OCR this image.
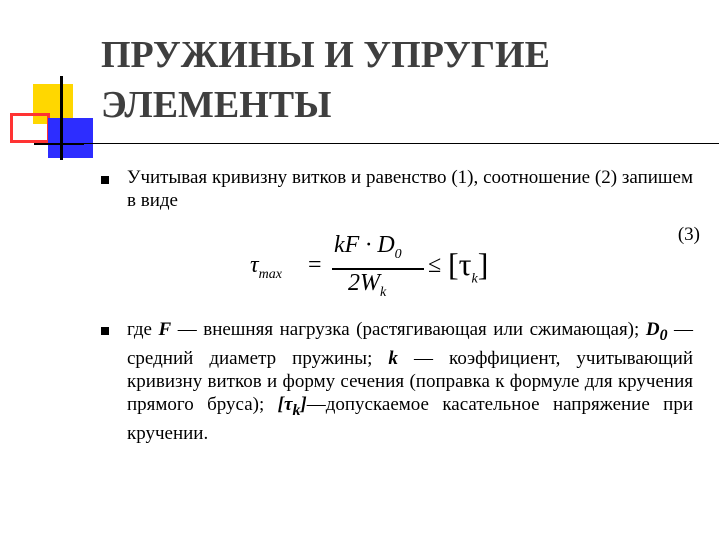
ПРУЖИНЫ И УПРУГИЕ ЭЛЕМЕНТЫ

Учитывая кривизну витков и равенство (1), соотношение (2) запишем в виде

(3)
$\tau_{max}$ =
kF · $D_0$
$2W_k$
≤ $[\tau_k]$

где F — внешняя нагрузка (растягивающая или сжимающая); $D_0$ —средний диаметр пружины; k — коэффициент, учитывающий кривизну витков и форму сечения (поправка к формуле для кручения прямого бруса); $[\tau_k]—допускаемое$ касательное напряжение при кручении.
